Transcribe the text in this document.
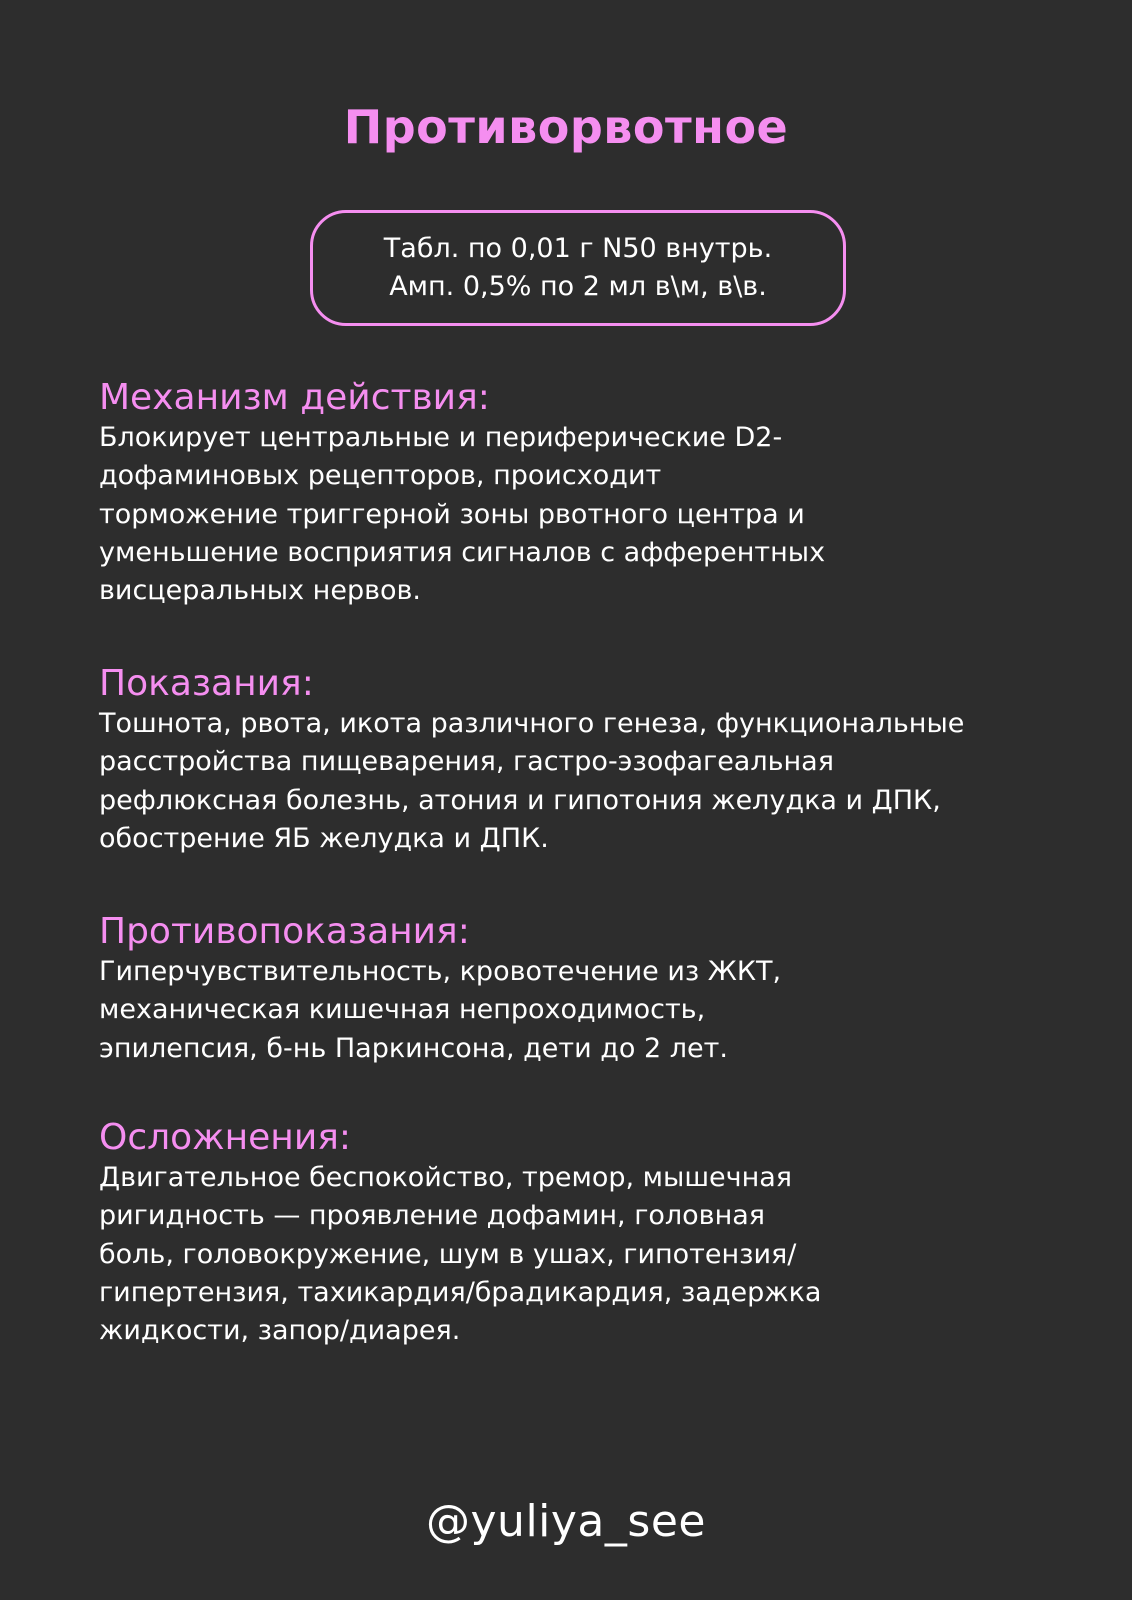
Противорвотное
Табл. по 0,01 г N50 внутрь.
Амп. 0,5% по 2 мл в\м, в\в.
Механизм действия:

Блокирует центральные и периферические D2-
дофаминовых рецепторов, происходит
торможение триггерной зоны рвотного центра и
уменьшение восприятия сигналов с афферентных
висцеральных нервов.

Показания:

Тошнота, рвота, икота различного генеза, функциональные
расстройства пищеварения, гастро-эзофагеальная
рефлюксная болезнь, атония и гипотония желудка и ДПК,
обострение ЯБ желудка и ДПК.

Противопоказания:

Гиперчувствительность, кровотечение из ЖКТ,
механическая кишечная непроходимость,
эпилепсия, б-нь Паркинсона, дети до 2 лет.

Осложнения:

Двигательное беспокойство, тремор, мышечная
ригидность — проявление дофамин, головная
боль, головокружение, шум в ушах, гипотензия/
гипертензия, тахикардия/брадикардия, задержка
жидкости, запор/диарея.

@yuliya_see
